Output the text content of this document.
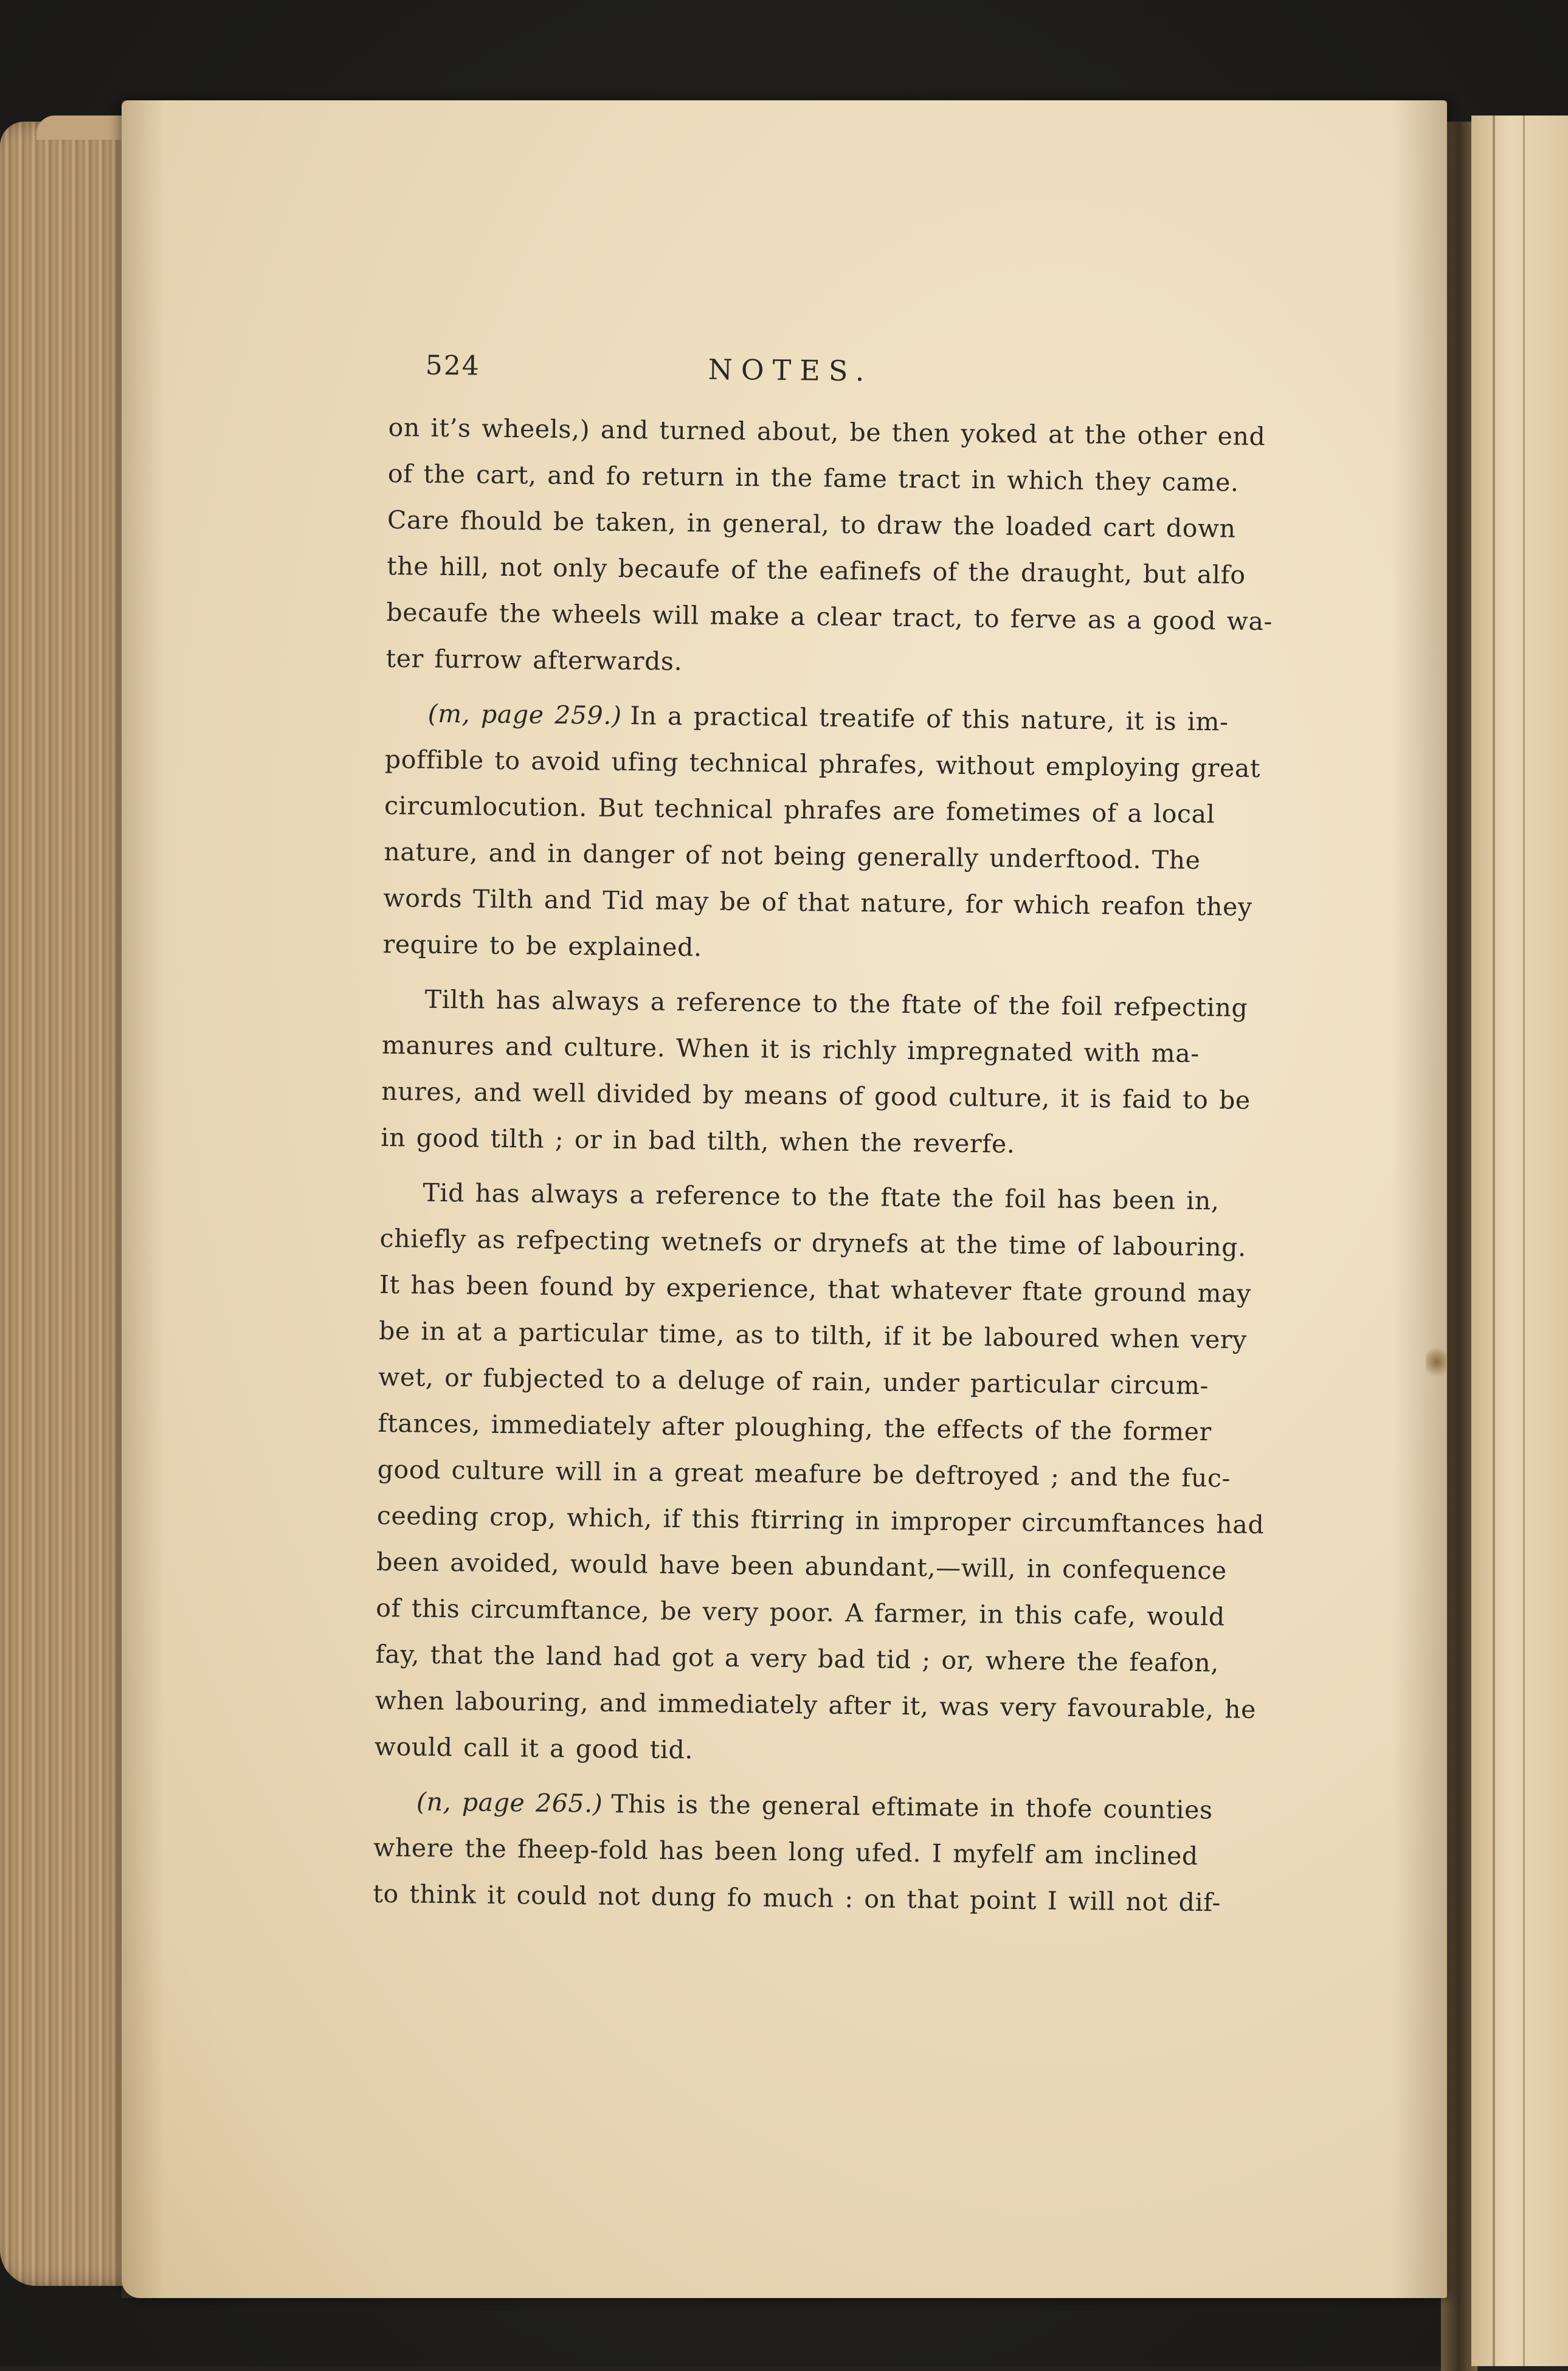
524	NOTES.
on it’s wheels,) and turned about, be then yoked at the other end
of the cart, and fo return in the fame tract in which they came.
Care fhould be taken, in general, to draw the loaded cart down
the hill, not only becaufe of the eafinefs of the draught, but alfo
becaufe the wheels will make a clear tract, to ferve as a good wa-
ter furrow afterwards.
(m, page 259.) In a practical treatife of this nature, it is im-
poffible to avoid ufing technical phrafes, without employing great
circumlocution. But technical phrafes are fometimes of a local
nature, and in danger of not being generally underftood. The
words Tilth and Tid may be of that nature, for which reafon they
require to be explained.
Tilth has always a reference to the ftate of the foil refpecting
manures and culture. When it is richly impregnated with ma-
nures, and well divided by means of good culture, it is faid to be
in good tilth ; or in bad tilth, when the reverfe.
Tid has always a reference to the ftate the foil has been in,
chiefly as refpecting wetnefs or drynefs at the time of labouring.
It has been found by experience, that whatever ftate ground may
be in at a particular time, as to tilth, if it be laboured when very
wet, or fubjected to a deluge of rain, under particular circum-
ftances, immediately after ploughing, the effects of the former
good culture will in a great meafure be deftroyed ; and the fuc-
ceeding crop, which, if this ftirring in improper circumftances had
been avoided, would have been abundant,—will, in confequence
of this circumftance, be very poor. A farmer, in this cafe, would
fay, that the land had got a very bad tid ; or, where the feafon,
when labouring, and immediately after it, was very favourable, he
would call it a good tid.
(n, page 265.) This is the general eftimate in thofe counties
where the fheep-fold has been long ufed. I myfelf am inclined
to think it could not dung fo much : on that point I will not dif-
